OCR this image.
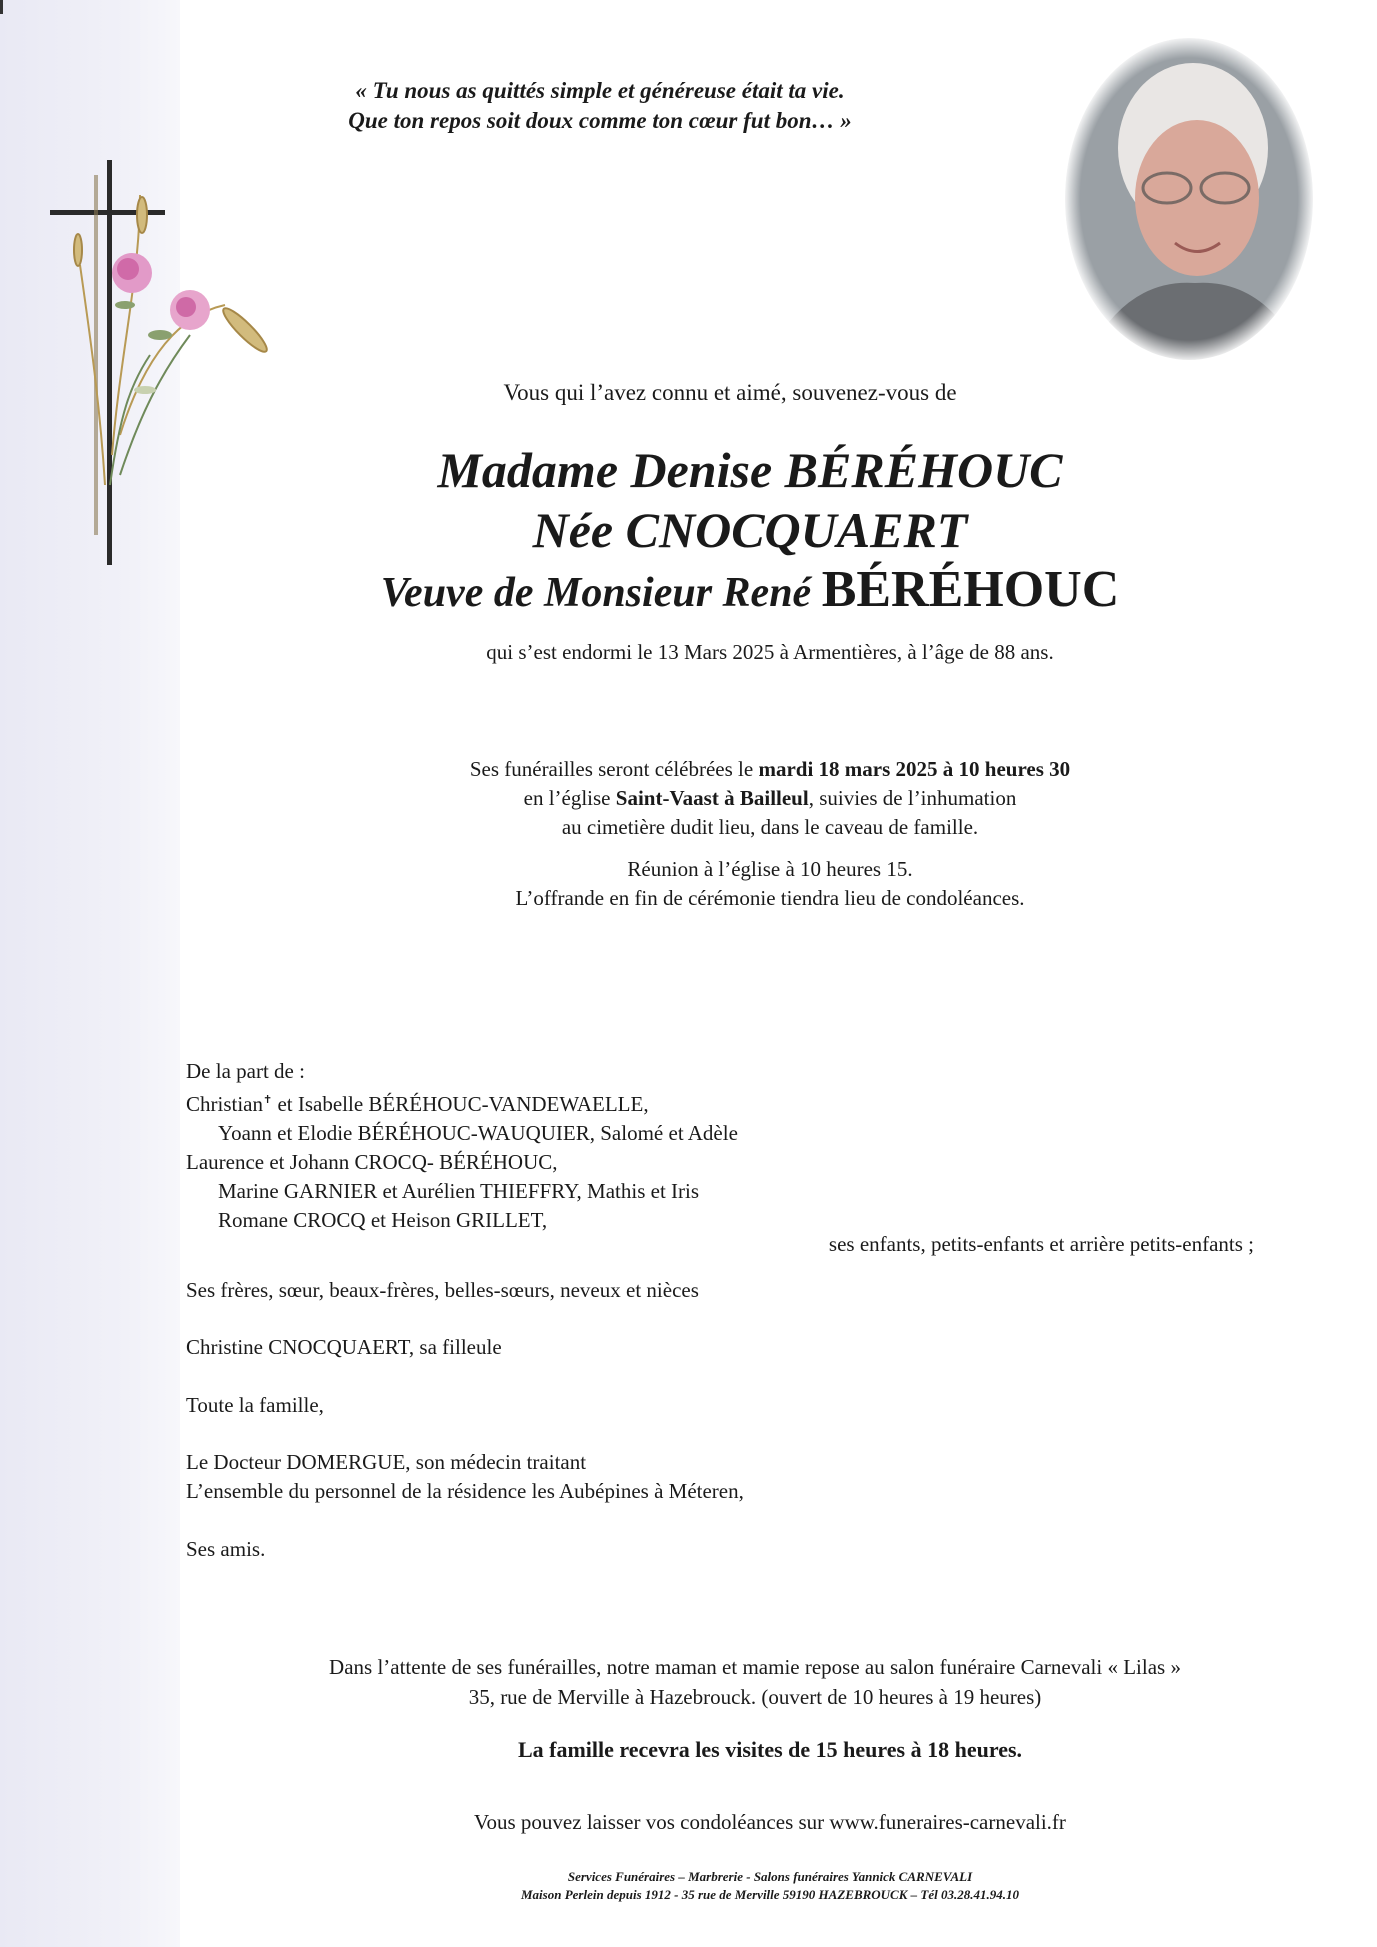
« Tu nous as quittés simple et généreuse était ta vie.
Que ton repos soit doux comme ton cœur fut bon… »

Vous qui l’avez connu et aimé, souvenez-vous de

Madame Denise BÉRÉHOUC

Née CNOCQUAERT

Veuve de Monsieur René BÉRÉHOUC

qui s’est endormi le 13 Mars 2025 à Armentières, à l’âge de 88 ans.

Ses funérailles seront célébrées le mardi 18 mars 2025 à 10 heures 30
en l’église Saint-Vaast à Bailleul, suivies de l’inhumation
au cimetière dudit lieu, dans le caveau de famille.

Réunion à l’église à 10 heures 15.
L’offrande en fin de cérémonie tiendra lieu de condoléances.

De la part de :
Christian✝ et Isabelle BÉRÉHOUC-VANDEWAELLE,
Yoann et Elodie BÉRÉHOUC-WAUQUIER, Salomé et Adèle
Laurence et Johann CROCQ- BÉRÉHOUC,
Marine GARNIER et Aurélien THIEFFRY, Mathis et Iris
Romane CROCQ et Heison GRILLET,

ses enfants, petits-enfants et arrière petits-enfants ;

Ses frères, sœur, beaux-frères, belles-sœurs, neveux et nièces

Christine CNOCQUAERT, sa filleule

Toute la famille,

Le Docteur DOMERGUE, son médecin traitant

L’ensemble du personnel de la résidence les Aubépines à Méteren,

Ses amis.

Dans l’attente de ses funérailles, notre maman et mamie repose au salon funéraire Carnevali « Lilas »
35, rue de Merville à Hazebrouck. (ouvert de 10 heures à 19 heures)

La famille recevra les visites de 15 heures à 18 heures.

Vous pouvez laisser vos condoléances sur www.funeraires-carnevali.fr

Services Funéraires – Marbrerie - Salons funéraires Yannick CARNEVALI
Maison Perlein depuis 1912 - 35 rue de Merville 59190 HAZEBROUCK – Tél 03.28.41.94.10
